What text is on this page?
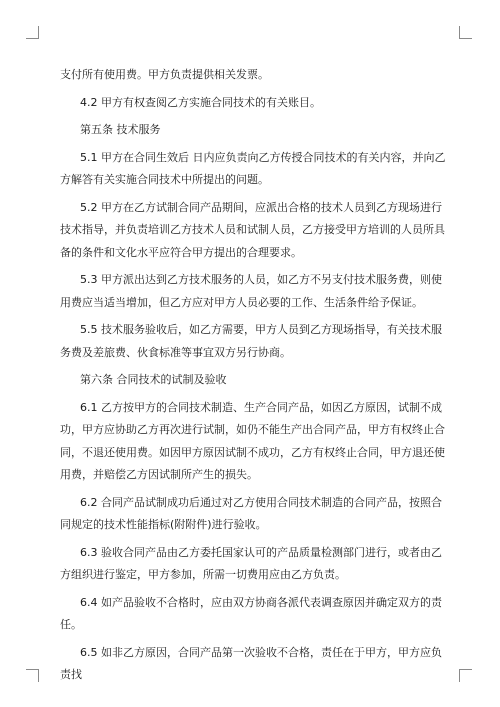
支付所有使用费。甲方负责提供相关发票。

4.2 甲方有权查阅乙方实施合同技术的有关账目。

第五条 技术服务

5.1 甲方在合同生效后 日内应负责向乙方传授合同技术的有关内容，并向乙方解答有关实施合同技术中所提出的问题。

5.2 甲方在乙方试制合同产品期间，应派出合格的技术人员到乙方现场进行技术指导，并负责培训乙方技术人员和试制人员，乙方接受甲方培训的人员所具备的条件和文化水平应符合甲方提出的合理要求。

5.3 甲方派出达到乙方技术服务的人员，如乙方不另支付技术服务费，则使用费应当适当增加，但乙方应对甲方人员必要的工作、生活条件给予保证。

5.5 技术服务验收后，如乙方需要，甲方人员到乙方现场指导，有关技术服务费及差旅费、伙食标准等事宜双方另行协商。

第六条 合同技术的试制及验收

6.1 乙方按甲方的合同技术制造、生产合同产品，如因乙方原因，试制不成功，甲方应协助乙方再次进行试制，如仍不能生产出合同产品，甲方有权终止合同，不退还使用费。如因甲方原因试制不成功，乙方有权终止合同，甲方退还使用费，并赔偿乙方因试制所产生的损失。

6.2 合同产品试制成功后通过对乙方使用合同技术制造的合同产品，按照合同规定的技术性能指标(附附件)进行验收。

6.3 验收合同产品由乙方委托国家认可的产品质量检测部门进行，或者由乙方组织进行鉴定，甲方参加，所需一切费用应由乙方负责。

6.4 如产品验收不合格时，应由双方协商各派代表调查原因并确定双方的责任。

6.5 如非乙方原因，合同产品第一次验收不合格，责任在于甲方，甲方应负责找
